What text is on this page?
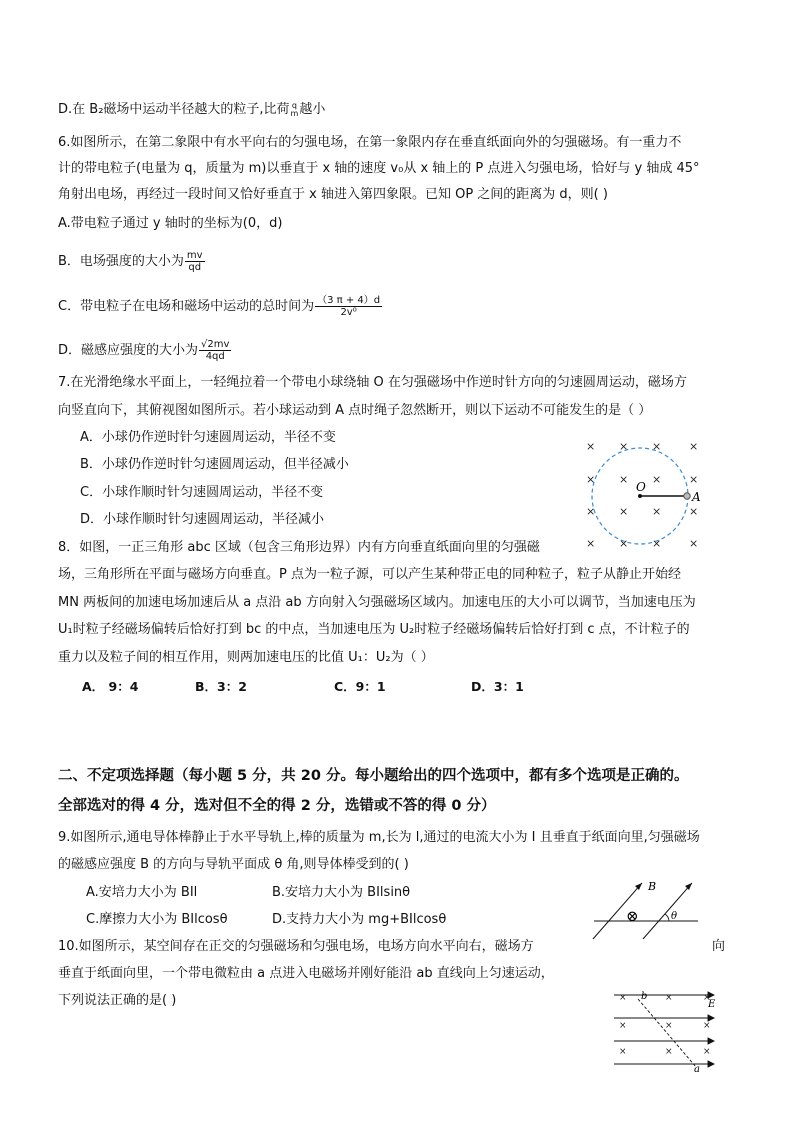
D.在 B₂磁场中运动半径越大的粒子,比荷 q
m 越小
6.如图所示，在第二象限中有水平向右的匀强电场，在第一象限内存在垂直纸面向外的匀强磁场。有一重力不
计的带电粒子(电量为 q，质量为 m)以垂直于 x 轴的速度 v₀从 x 轴上的 P 点进入匀强电场，恰好与 y 轴成 45°
角射出电场，再经过一段时间又恰好垂直于 x 轴进入第四象限。已知 OP 之间的距离为 d，则( )
A.带电粒子通过 y 轴时的坐标为(0，d)
B．电场强度的大小为 $\frac{mv}{qd}$
C．带电粒子在电场和磁场中运动的总时间为 $\frac{(3 \pi + 4)d}{\text{2v⁰}}$
D．磁感应强度的大小为 $\frac{√2mv}{4qd}$
7.在光滑绝缘水平面上，一轻绳拉着一个带电小球绕轴 O 在匀强磁场中作逆时针方向的匀速圆周运动，磁场方
向竖直向下，其俯视图如图所示。若小球运动到 A 点时绳子忽然断开，则以下运动不可能发生的是（ ）
A．小球仍作逆时针匀速圆周运动，半径不变
B．小球仍作逆时针匀速圆周运动，但半径减小
C．小球作顺时针匀速圆周运动，半径不变
D．小球作顺时针匀速圆周运动，半径减小
× × ×	×
× × ×	×
× × ×	×
× × ×	×
O
A
8．如图，一正三角形 abc 区域（包含三角形边界）内有方向垂直纸面向里的匀强磁
场，三角形所在平面与磁场方向垂直。P 点为一粒子源，可以产生某种带正电的同种粒子，粒子从静止开始经
MN 两板间的加速电场加速后从 a 点沿 ab 方向射入匀强磁场区域内。加速电压的大小可以调节，当加速电压为
U₁时粒子经磁场偏转后恰好打到 bc 的中点，当加速电压为 U₂时粒子经磁场偏转后恰好打到 c 点，不计粒子的
重力以及粒子间的相互作用，则两加速电压的比值 U₁：U₂为（ ）
A． 9：4	B．3：2	C．9：1	D．3：1
二、不定项选择题（每小题 5 分，共 20 分。每小题给出的四个选项中，都有多个选项是正确的。
全部选对的得 4 分，选对但不全的得 2 分，选错或不答的得 0 分）
9.如图所示,通电导体棒静止于水平导轨上,棒的质量为 m,长为 l,通过的电流大小为 I 且垂直于纸面向里,匀强磁场
的磁感应强度 B 的方向与导轨平面成 θ 角,则导体棒受到的( )
A.安培力大小为 BIl	B.安培力大小为 BIlsinθ
C.摩擦力大小为 BIlcosθ	D.支持力大小为 mg+BIlcosθ
B
⊗	θ
10.如图所示，某空间存在正交的匀强磁场和匀强电场，电场方向水平向右，磁场方	向
垂直于纸面向里，一个带电微粒由 a 点进入电磁场并刚好能沿 ab 直线向上匀速运动，
下列说法正确的是( )	×	×	×
×	×	×
×	×	×
b
E
a
